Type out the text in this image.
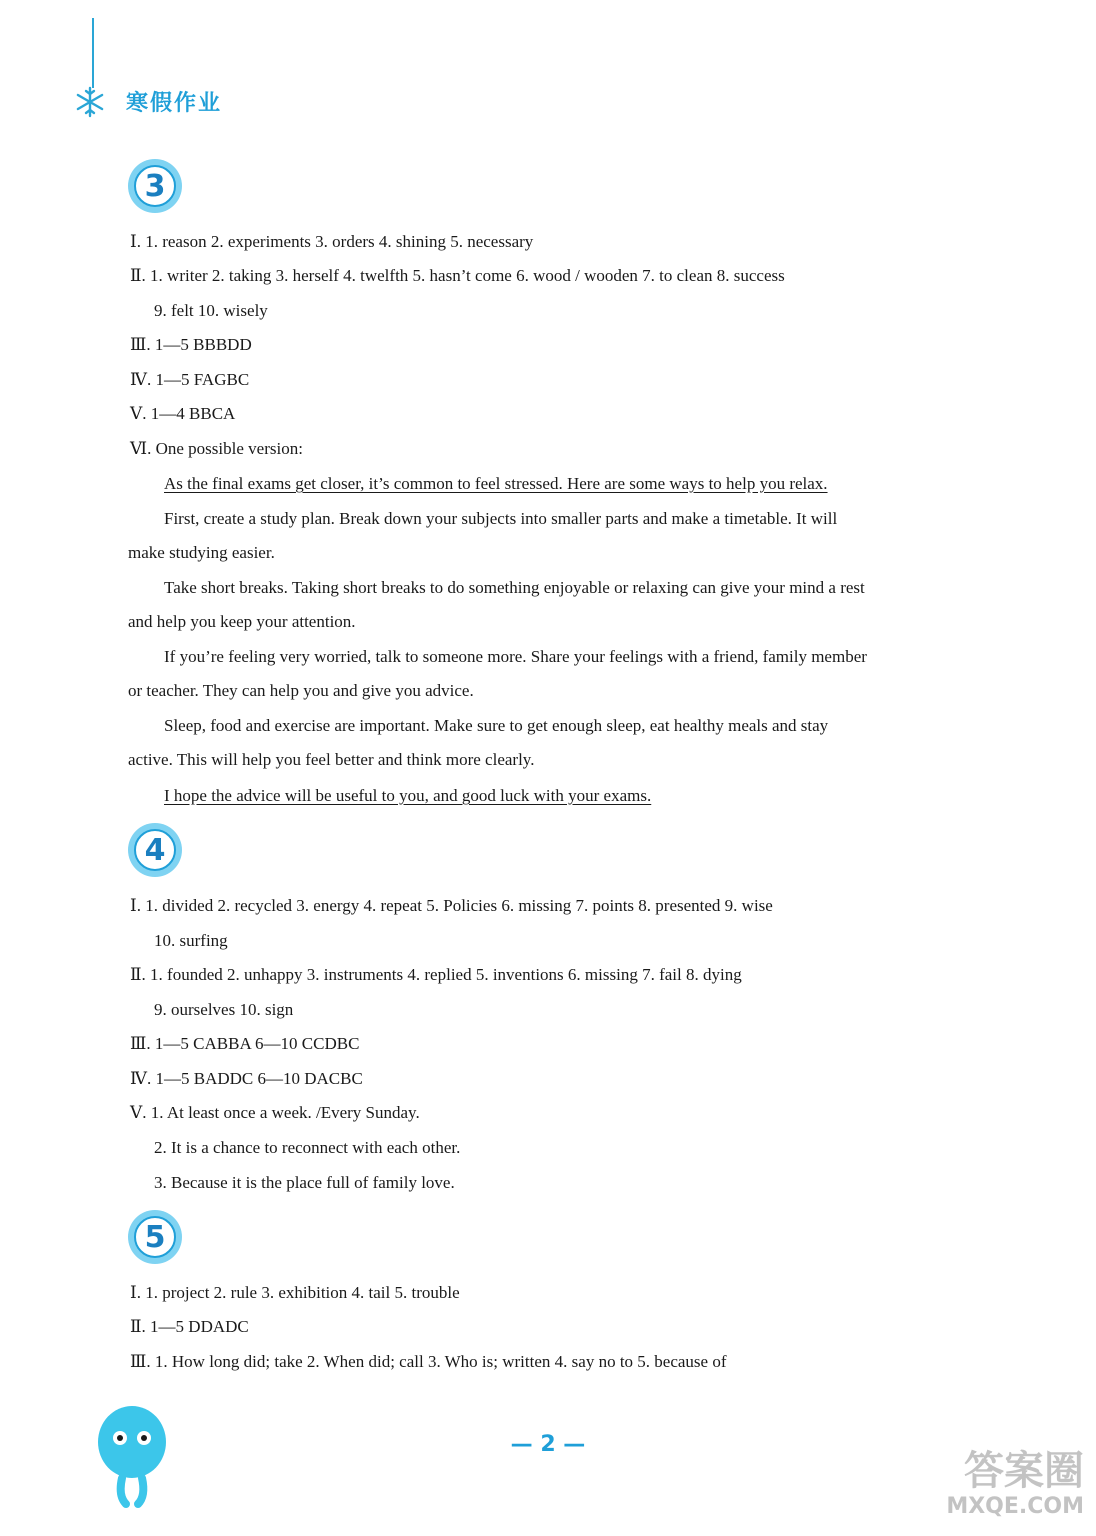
寒假作业
3
Ⅰ. 1. reason 2. experiments 3. orders 4. shining 5. necessary
Ⅱ. 1. writer 2. taking 3. herself 4. twelfth 5. hasn’t come 6. wood / wooden 7. to clean 8. success
9. felt 10. wisely
Ⅲ. 1—5 BBBDD
Ⅳ. 1—5 FAGBC
Ⅴ. 1—4 BBCA
Ⅵ. One possible version:
As the final exams get closer, it’s common to feel stressed. Here are some ways to help you relax.
First, create a study plan. Break down your subjects into smaller parts and make a timetable. It will
make studying easier.
Take short breaks. Taking short breaks to do something enjoyable or relaxing can give your mind a rest
and help you keep your attention.
If you’re feeling very worried, talk to someone more. Share your feelings with a friend, family member
or teacher. They can help you and give you advice.
Sleep, food and exercise are important. Make sure to get enough sleep, eat healthy meals and stay
active. This will help you feel better and think more clearly.
I hope the advice will be useful to you, and good luck with your exams.
4
Ⅰ. 1. divided 2. recycled 3. energy 4. repeat 5. Policies 6. missing 7. points 8. presented 9. wise
10. surfing
Ⅱ. 1. founded 2. unhappy 3. instruments 4. replied 5. inventions 6. missing 7. fail 8. dying
9. ourselves 10. sign
Ⅲ. 1—5 CABBA 6—10 CCDBC
Ⅳ. 1—5 BADDC 6—10 DACBC
Ⅴ. 1. At least once a week. /Every Sunday.
2. It is a chance to reconnect with each other.
3. Because it is the place full of family love.
5
Ⅰ. 1. project 2. rule 3. exhibition 4. tail 5. trouble
Ⅱ. 1—5 DDADC
Ⅲ. 1. How long did; take 2. When did; call 3. Who is; written 4. say no to 5. because of
— 2 —
答案圈
MXQE.COM
